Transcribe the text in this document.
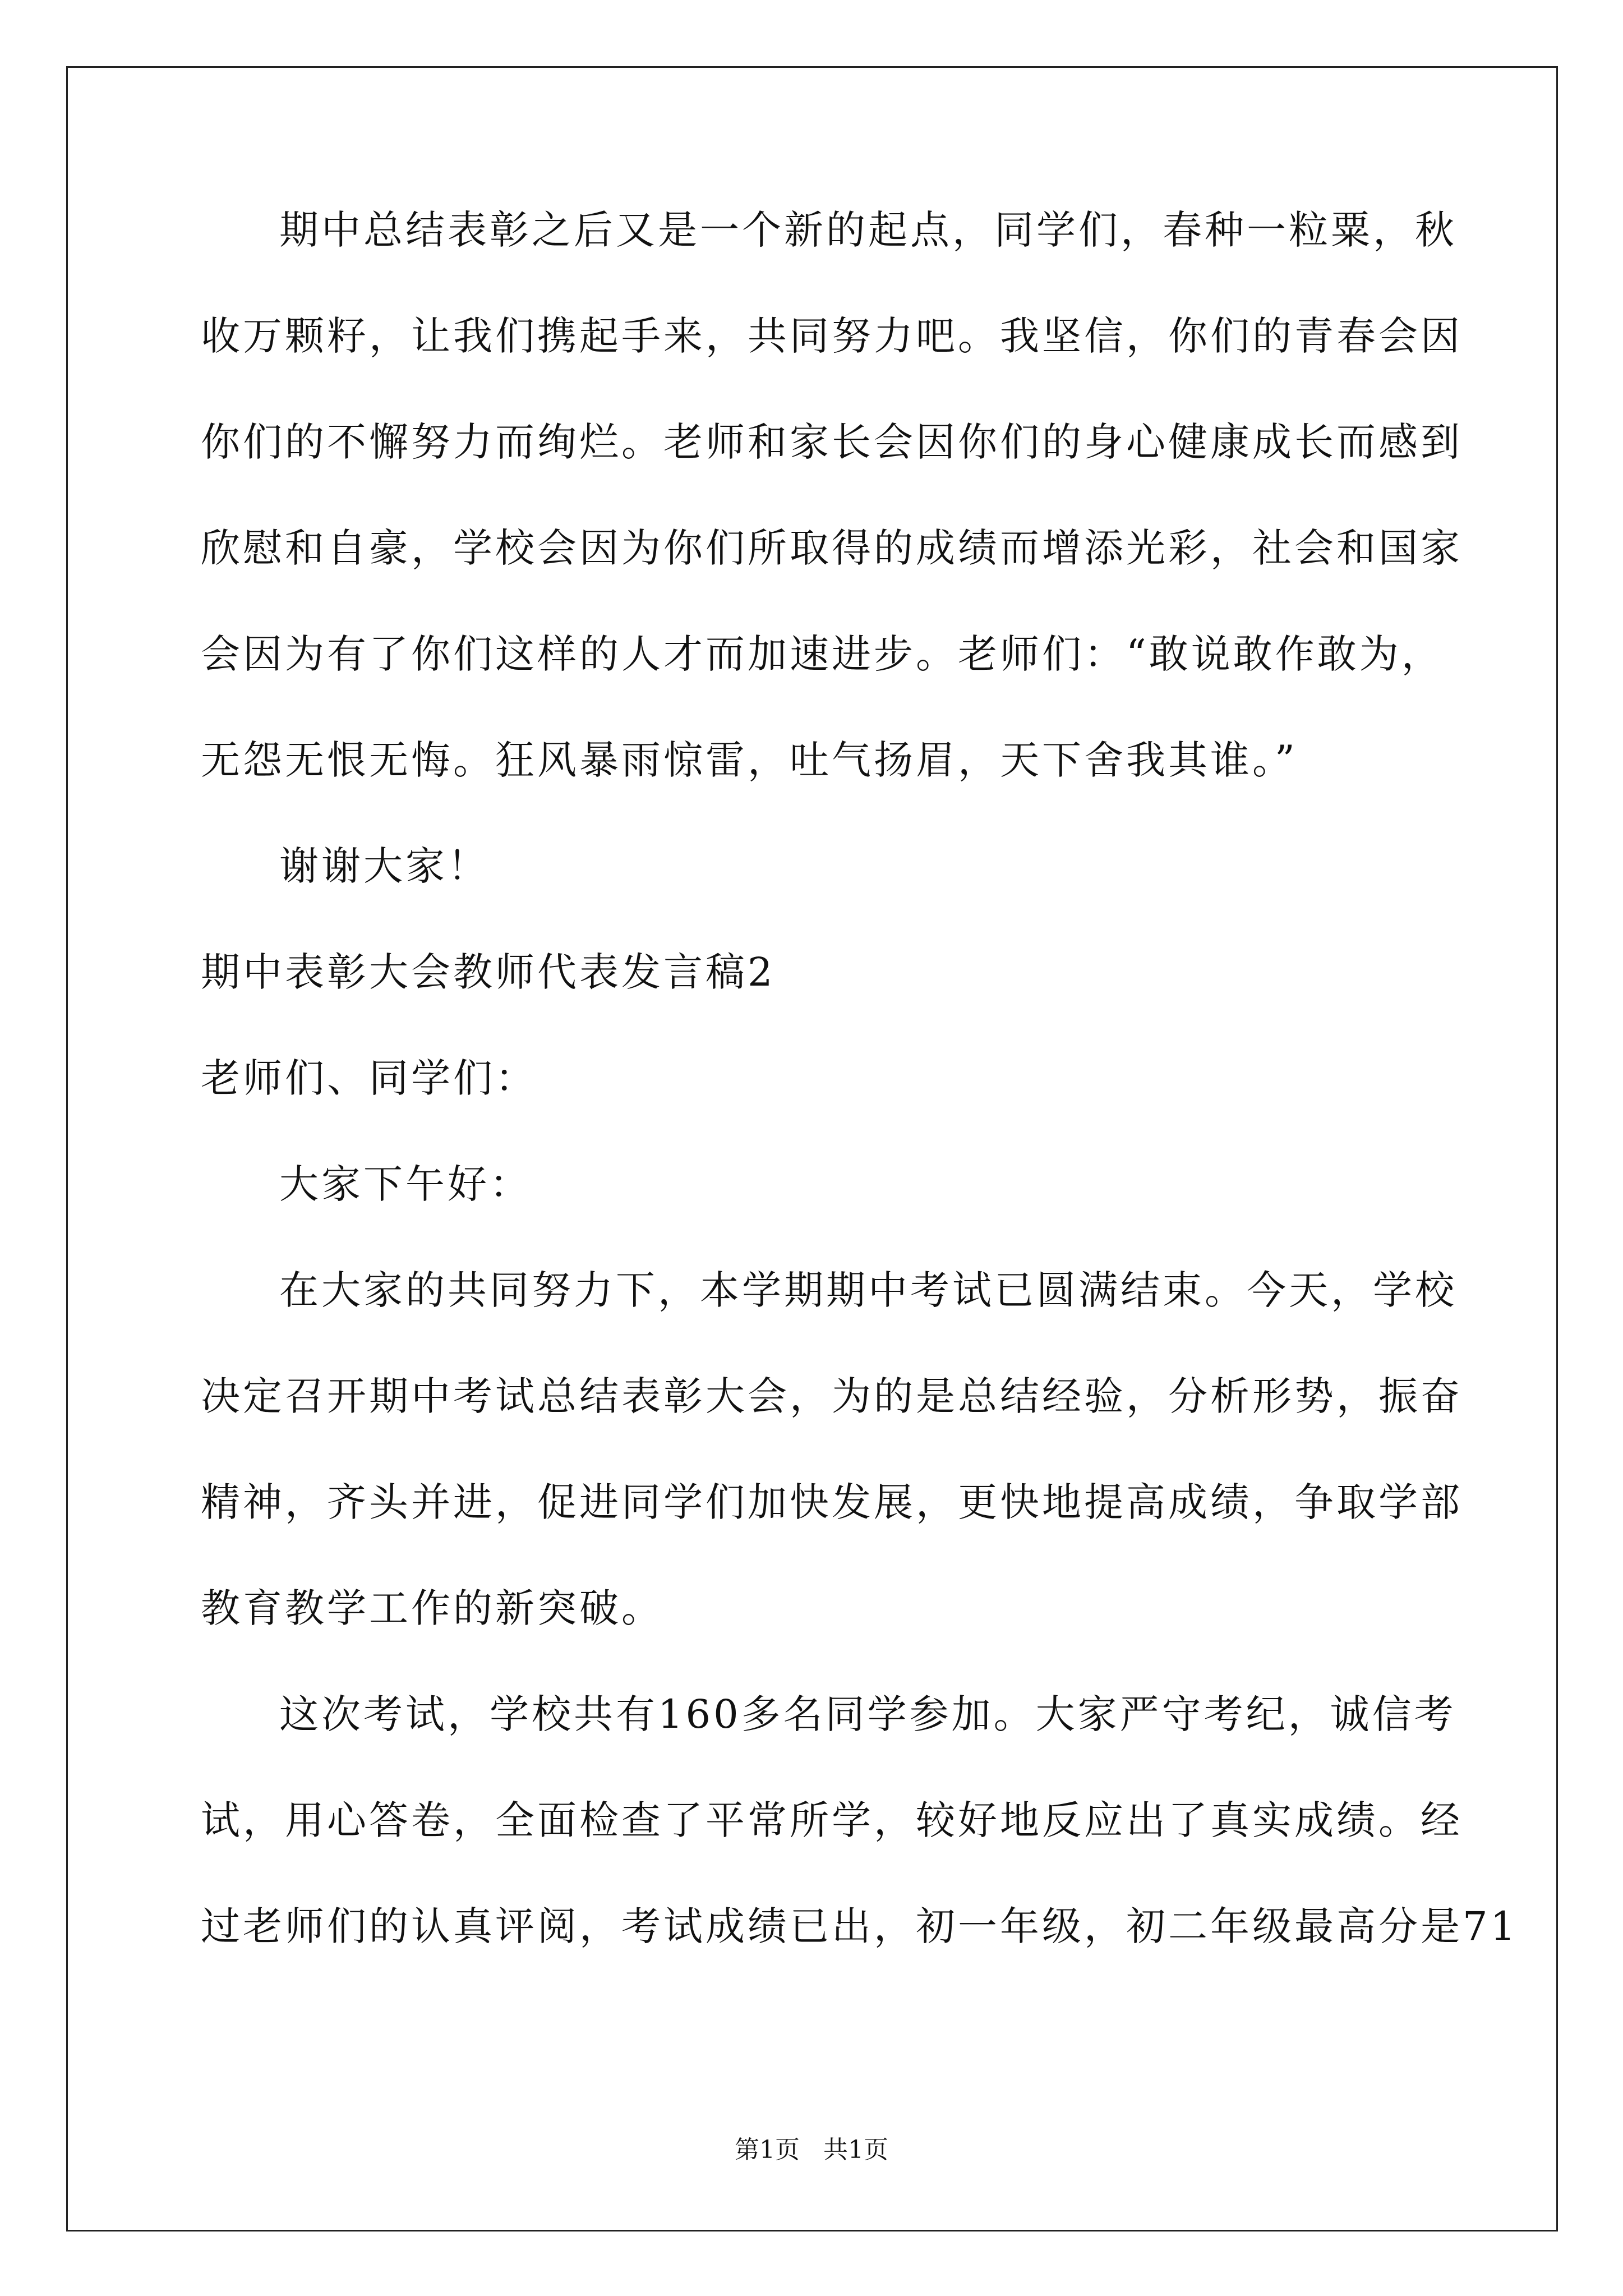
期中总结表彰之后又是一个新的起点，同学们，春种一粒粟，秋
收万颗籽，让我们携起手来，共同努力吧。我坚信，你们的青春会因
你们的不懈努力而绚烂。老师和家长会因你们的身心健康成长而感到
欣慰和自豪，学校会因为你们所取得的成绩而增添光彩，社会和国家
会因为有了你们这样的人才而加速进步。老师们：“敢说敢作敢为，
无怨无恨无悔。狂风暴雨惊雷，吐气扬眉，天下舍我其谁。”
谢谢大家！
期中表彰大会教师代表发言稿2
老师们、同学们：
大家下午好：
在大家的共同努力下，本学期期中考试已圆满结束。今天，学校
决定召开期中考试总结表彰大会，为的是总结经验，分析形势，振奋
精神，齐头并进，促进同学们加快发展，更快地提高成绩，争取学部
教育教学工作的新突破。
这次考试，学校共有160多名同学参加。大家严守考纪，诚信考
试，用心答卷，全面检查了平常所学，较好地反应出了真实成绩。经
过老师们的认真评阅，考试成绩已出，初一年级，初二年级最高分是71
第1页   共1页
